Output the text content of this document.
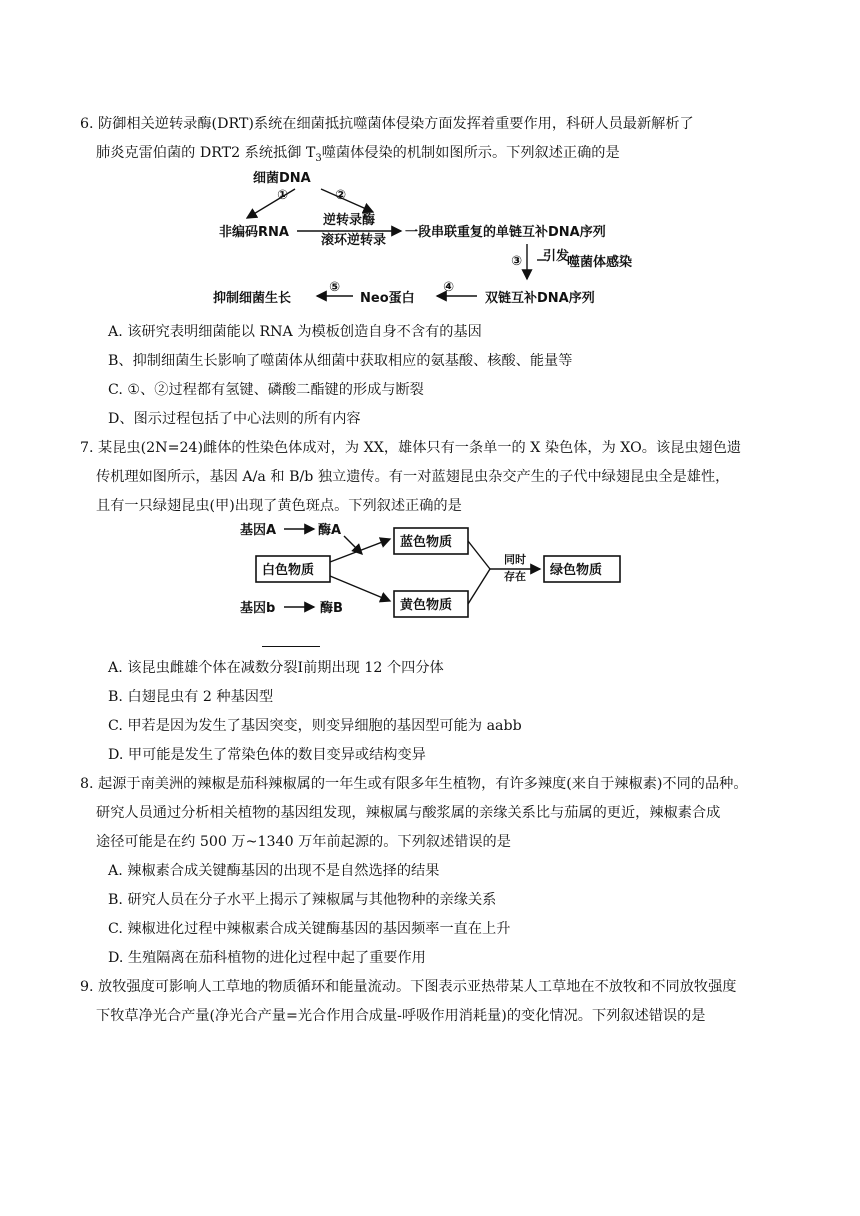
6. 防御相关逆转录酶(DRT)系统在细菌抵抗噬菌体侵染方面发挥着重要作用，科研人员最新解析了
肺炎克雷伯菌的 DRT2 系统抵御 $T_3$噬菌体侵染的机制如图所示。下列叙述正确的是
细菌DNA
①	②
非编码RNA
逆转录酶
滚环逆转录
一段串联重复的单链互补DNA序列
③ 引发
噬菌体感染
双链互补DNA序列
④
Neo蛋白
⑤
抑制细菌生长
A. 该研究表明细菌能以 RNA 为模板创造自身不含有的基因
B、抑制细菌生长影响了噬菌体从细菌中获取相应的氨基酸、核酸、能量等
C. ①、②过程都有氢键、磷酸二酯键的形成与断裂
D、图示过程包括了中心法则的所有内容
7. 某昆虫(2N=24)雌体的性染色体成对，为 XX，雄体只有一条单一的 X 染色体，为 XO。该昆虫翅色遗
传机理如图所示，基因 A/a 和 B/b 独立遗传。有一对蓝翅昆虫杂交产生的子代中绿翅昆虫全是雄性，
且有一只绿翅昆虫(甲)出现了黄色斑点。下列叙述正确的是
基因A	酶A
白色物质
蓝色物质
黄色物质
基因b	酶B
同时
存在 绿色物质
A. 该昆虫雌雄个体在减数分裂Ⅰ前期出现 12 个四分体
B. 白翅昆虫有 2 种基因型
C. 甲若是因为发生了基因突变，则变异细胞的基因型可能为 aabb
D. 甲可能是发生了常染色体的数目变异或结构变异
8. 起源于南美洲的辣椒是茄科辣椒属的一年生或有限多年生植物，有许多辣度(来自于辣椒素)不同的品种。
研究人员通过分析相关植物的基因组发现，辣椒属与酸浆属的亲缘关系比与茄属的更近，辣椒素合成
途径可能是在约 500 万~1340 万年前起源的。下列叙述错误的是
A. 辣椒素合成关键酶基因的出现不是自然选择的结果
B. 研究人员在分子水平上揭示了辣椒属与其他物种的亲缘关系
C. 辣椒进化过程中辣椒素合成关键酶基因的基因频率一直在上升
D. 生殖隔离在茄科植物的进化过程中起了重要作用
9. 放牧强度可影响人工草地的物质循环和能量流动。下图表示亚热带某人工草地在不放牧和不同放牧强度
下牧草净光合产量(净光合产量=光合作用合成量-呼吸作用消耗量)的变化情况。下列叙述错误的是
